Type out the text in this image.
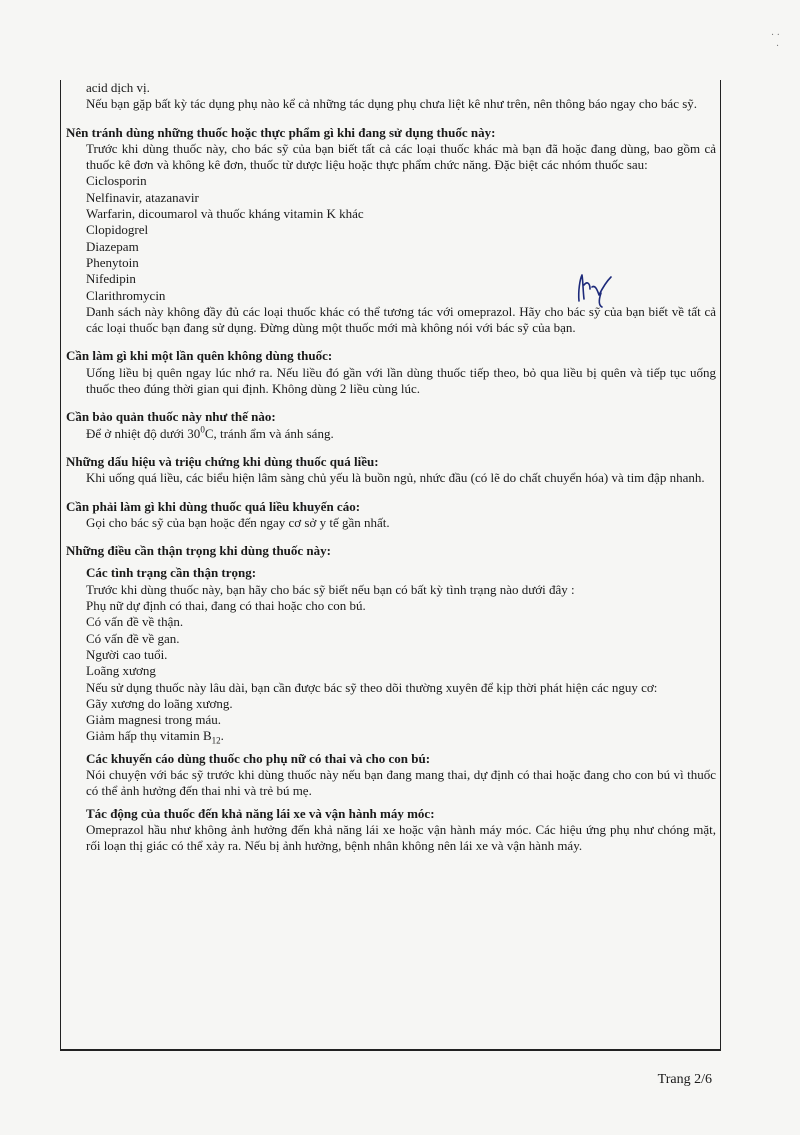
· ·
·

acid dịch vị.

Nếu bạn gặp bất kỳ tác dụng phụ nào kể cả những tác dụng phụ chưa liệt kê như trên, nên thông báo ngay cho bác sỹ.

Nên tránh dùng những thuốc hoặc thực phẩm gì khi đang sử dụng thuốc này:

Trước khi dùng thuốc này, cho bác sỹ của bạn biết tất cả các loại thuốc khác mà bạn đã hoặc đang dùng, bao gồm cả thuốc kê đơn và không kê đơn, thuốc từ dược liệu hoặc thực phẩm chức năng. Đặc biệt các nhóm thuốc sau:

Ciclosporin

Nelfinavir, atazanavir

Warfarin, dicoumarol và thuốc kháng vitamin K khác

Clopidogrel

Diazepam

Phenytoin

Nifedipin

Clarithromycin

Danh sách này không đầy đủ các loại thuốc khác có thể tương tác với omeprazol. Hãy cho bác sỹ của bạn biết về tất cả các loại thuốc bạn đang sử dụng. Đừng dùng một thuốc mới mà không nói với bác sỹ của bạn.

Cần làm gì khi một lần quên không dùng thuốc:

Uống liều bị quên ngay lúc nhớ ra. Nếu liều đó gần với lần dùng thuốc tiếp theo, bỏ qua liều bị quên và tiếp tục uống thuốc theo đúng thời gian qui định. Không dùng 2 liều cùng lúc.

Cần bảo quản thuốc này như thế nào:

Để ở nhiệt độ dưới $30^0C$, tránh ẩm và ánh sáng.

Những dấu hiệu và triệu chứng khi dùng thuốc quá liều:

Khi uống quá liều, các biểu hiện lâm sàng chủ yếu là buồn ngủ, nhức đầu (có lẽ do chất chuyển hóa) và tim đập nhanh.

Cần phải làm gì khi dùng thuốc quá liều khuyến cáo:

Gọi cho bác sỹ của bạn hoặc đến ngay cơ sở y tế gần nhất.

Những điều cần thận trọng khi dùng thuốc này:

Các tình trạng cần thận trọng:

Trước khi dùng thuốc này, bạn hãy cho bác sỹ biết nếu bạn có bất kỳ tình trạng nào dưới đây :

Phụ nữ dự định có thai, đang có thai hoặc cho con bú.

Có vấn đề về thận.

Có vấn đề về gan.

Người cao tuổi.

Loãng xương

Nếu sử dụng thuốc này lâu dài, bạn cần được bác sỹ theo dõi thường xuyên để kịp thời phát hiện các nguy cơ:

Gãy xương do loãng xương.

Giảm magnesi trong máu.

Giảm hấp thụ vitamin $B_{12}$.

Các khuyến cáo dùng thuốc cho phụ nữ có thai và cho con bú:

Nói chuyện với bác sỹ trước khi dùng thuốc này nếu bạn đang mang thai, dự định có thai hoặc đang cho con bú vì thuốc có thể ảnh hưởng đến thai nhi và trẻ bú mẹ.

Tác động của thuốc đến khả năng lái xe và vận hành máy móc:

Omeprazol hầu như không ảnh hưởng đến khả năng lái xe hoặc vận hành máy móc. Các hiệu ứng phụ như chóng mặt, rối loạn thị giác có thể xảy ra. Nếu bị ảnh hưởng, bệnh nhân không nên lái xe và vận hành máy.

Trang 2/6
